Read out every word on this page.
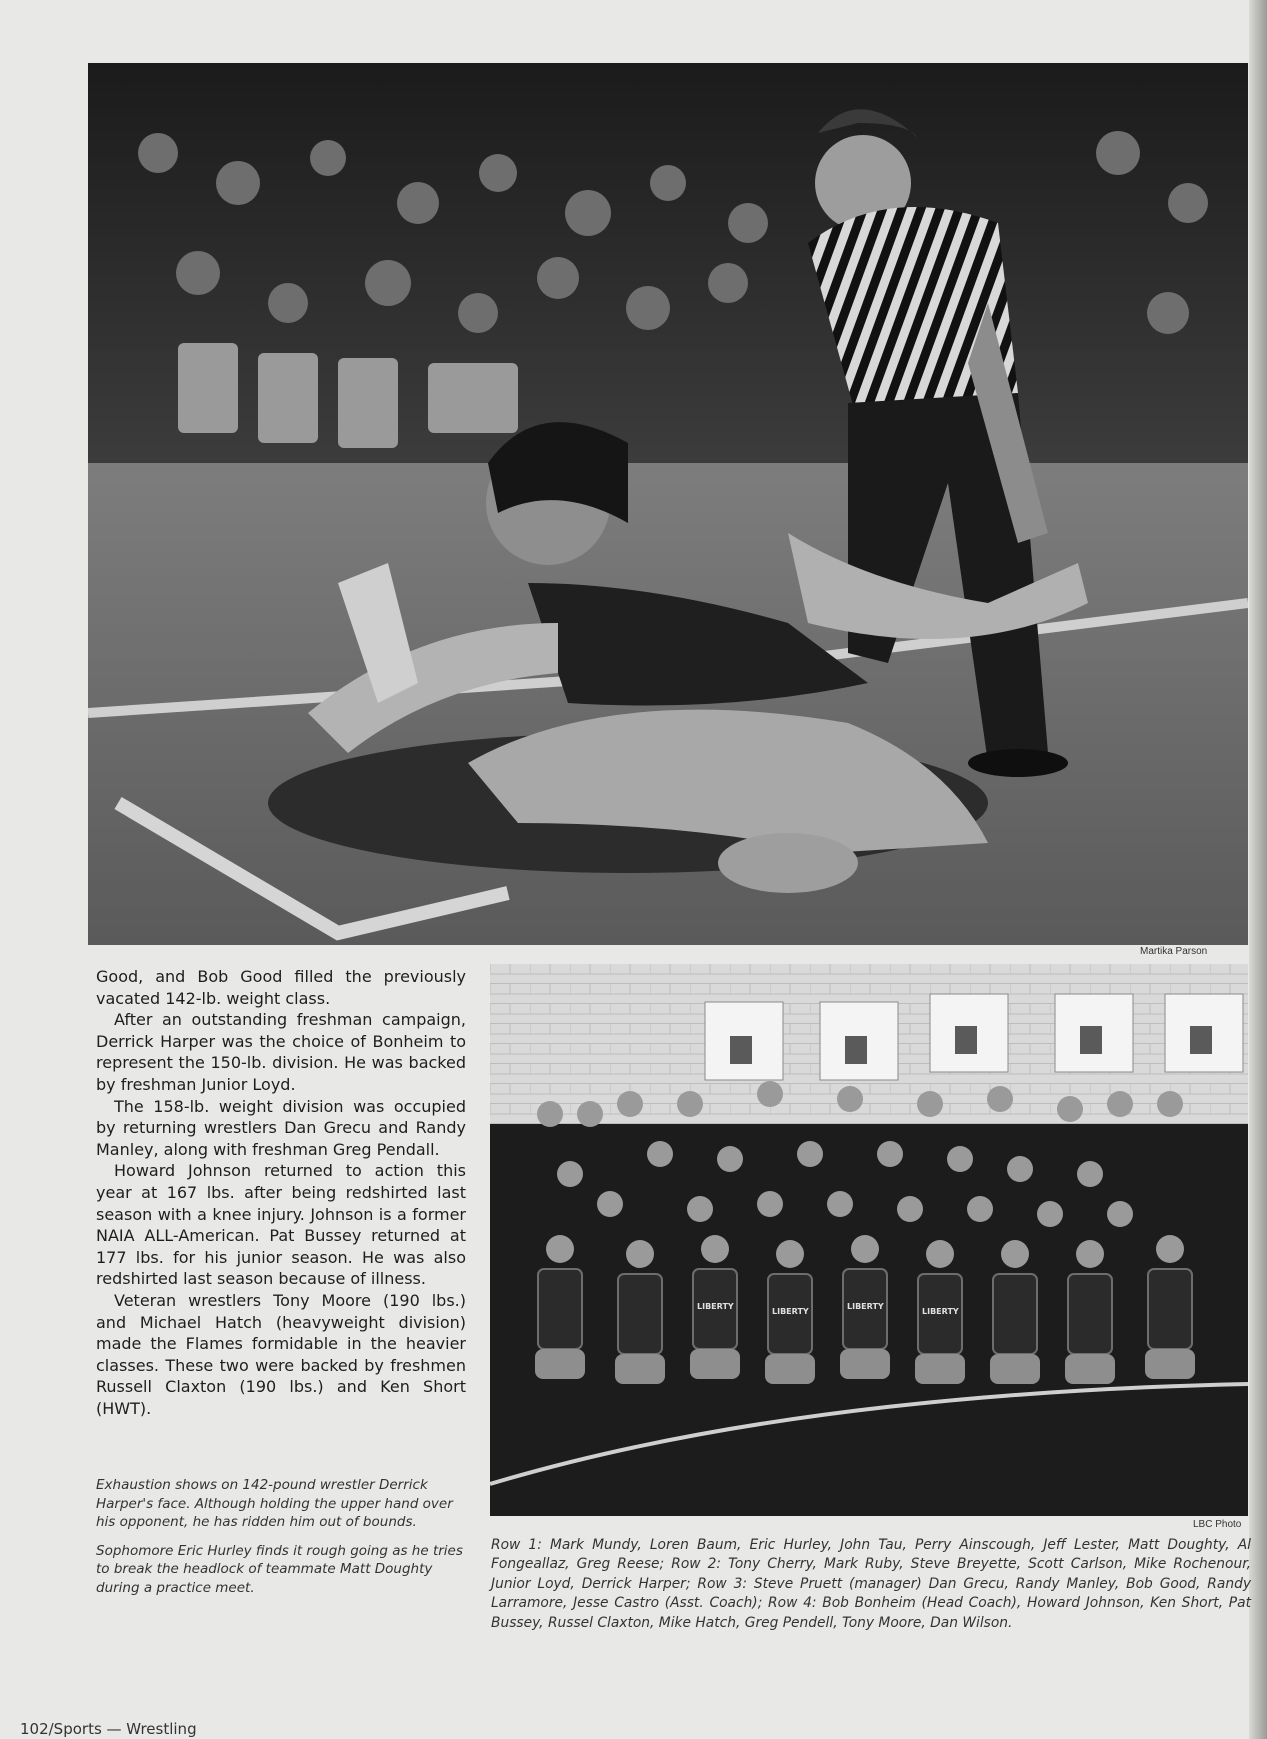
Martika Parson

Good, and Bob Good filled the previously vacated 142-lb. weight class.

After an outstanding freshman campaign, Derrick Harper was the choice of Bonheim to represent the 150-lb. division. He was backed by freshman Junior Loyd.

The 158-lb. weight division was occupied by returning wrestlers Dan Grecu and Randy Manley, along with freshman Greg Pendall.

Howard Johnson returned to action this year at 167 lbs. after being redshirted last season with a knee injury. Johnson is a former NAIA ALL-American. Pat Bussey returned at 177 lbs. for his junior season. He was also redshirted last season because of illness.

Veteran wrestlers Tony Moore (190 lbs.) and Michael Hatch (heavyweight division) made the Flames formidable in the heavier classes. These two were backed by freshmen Russell Claxton (190 lbs.) and Ken Short (HWT).

Exhaustion shows on 142-pound wrestler Derrick Harper's face. Although holding the upper hand over his opponent, he has ridden him out of bounds.

Sophomore Eric Hurley finds it rough going as he tries to break the headlock of teammate Matt Doughty during a practice meet.

LIBERTY
LIBERTY
LIBERTY
LIBERTY
LBC Photo
Row 1: Mark Mundy, Loren Baum, Eric Hurley, John Tau, Perry Ainscough, Jeff Lester, Matt Doughty, Al Fongeallaz, Greg Reese; Row 2: Tony Cherry, Mark Ruby, Steve Breyette, Scott Carlson, Mike Rochenour, Junior Loyd, Derrick Harper; Row 3: Steve Pruett (manager) Dan Grecu, Randy Manley, Bob Good, Randy Larramore, Jesse Castro (Asst. Coach); Row 4: Bob Bonheim (Head Coach), Howard Johnson, Ken Short, Pat Bussey, Russel Claxton, Mike Hatch, Greg Pendell, Tony Moore, Dan Wilson.
102/Sports — Wrestling
